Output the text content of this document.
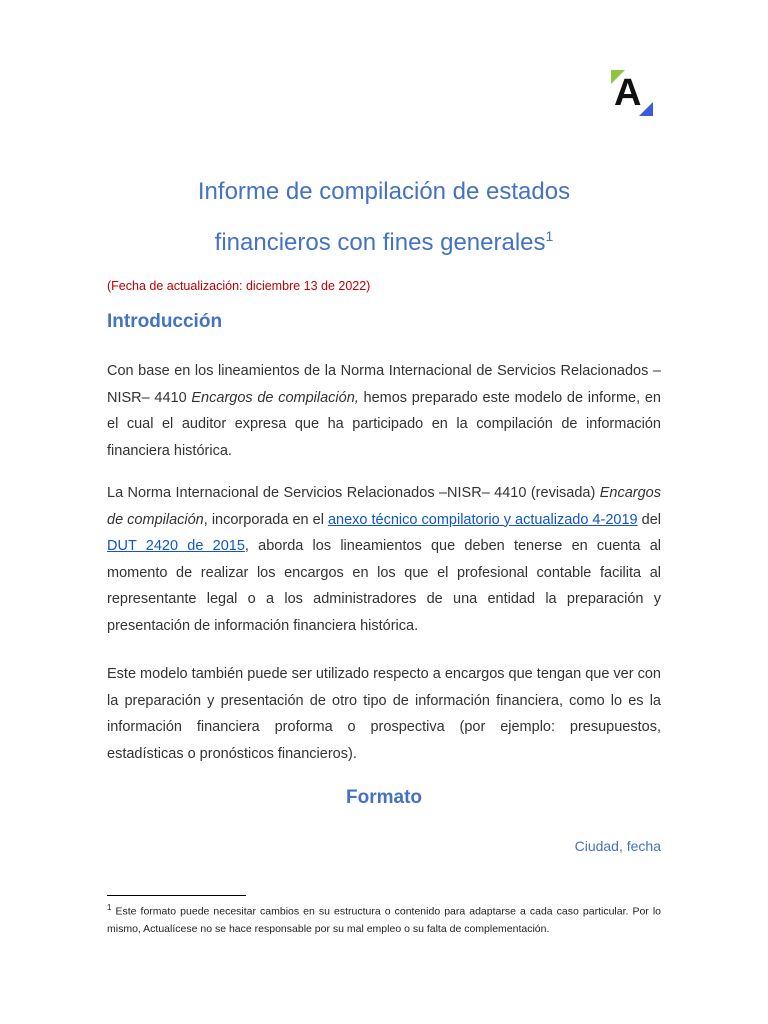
A
Informe de compilación de estados
financieros con fines generales$^1$

(Fecha de actualización: diciembre 13 de 2022)

Introducción

Con base en los lineamientos de la Norma Internacional de Servicios Relacionados –NISR– 4410 Encargos de compilación, hemos preparado este modelo de informe, en el cual el auditor expresa que ha participado en la compilación de información financiera histórica.

La Norma Internacional de Servicios Relacionados –NISR– 4410 (revisada) Encargos de compilación, incorporada en el anexo técnico compilatorio y actualizado 4-2019 del DUT 2420 de 2015, aborda los lineamientos que deben tenerse en cuenta al momento de realizar los encargos en los que el profesional contable facilita al representante legal o a los administradores de una entidad la preparación y presentación de información financiera histórica.

Este modelo también puede ser utilizado respecto a encargos que tengan que ver con la preparación y presentación de otro tipo de información financiera, como lo es la información financiera proforma o prospectiva (por ejemplo: presupuestos, estadísticas o pronósticos financieros).

Formato

Ciudad, fecha

$^1$ Este formato puede necesitar cambios en su estructura o contenido para adaptarse a cada caso particular. Por lo mismo, Actualícese no se hace responsable por su mal empleo o su falta de complementación.
